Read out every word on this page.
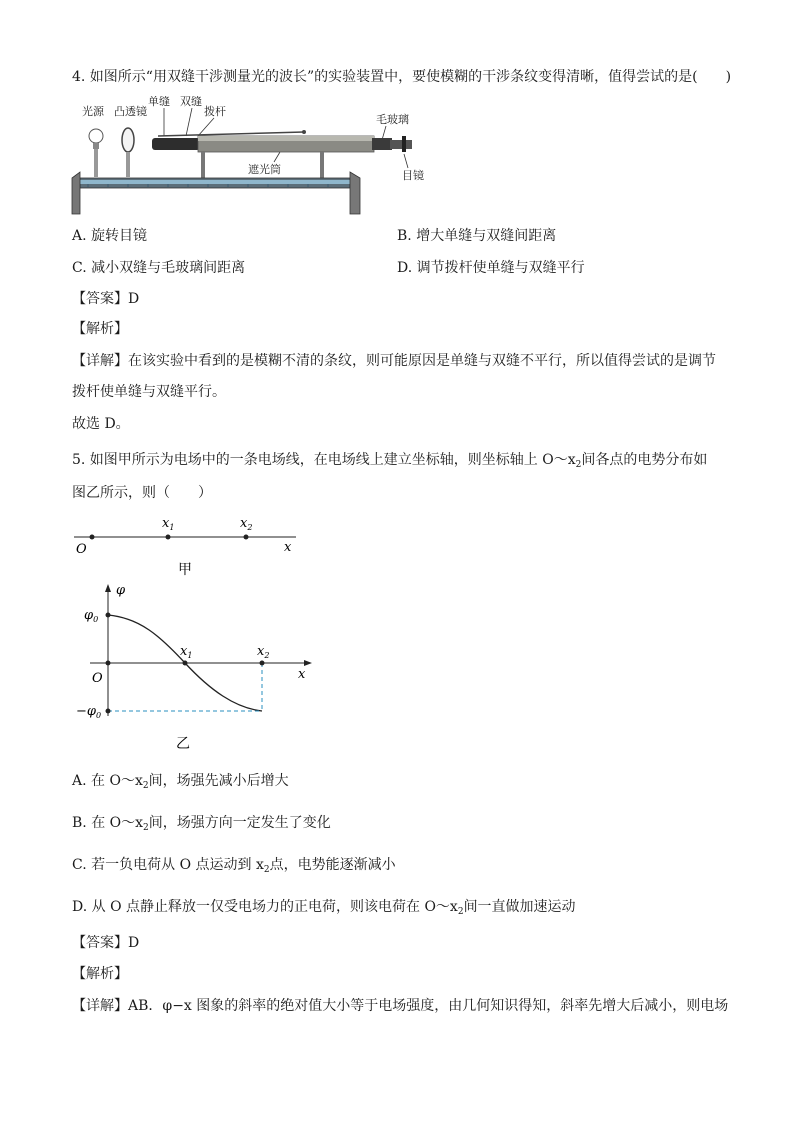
4. 如图所示“用双缝干涉测量光的波长”的实验装置中，要使模糊的干涉条纹变得清晰，值得尝试的是(　　)
光源 凸透镜
单缝 双缝
拨杆
毛玻璃
遮光筒	目镜
A. 旋转目镜	B. 增大单缝与双缝间距离
C. 减小双缝与毛玻璃间距离	D. 调节拨杆使单缝与双缝平行
【答案】D
【解析】
【详解】在该实验中看到的是模糊不清的条纹，则可能原因是单缝与双缝不平行，所以值得尝试的是调节
拨杆使单缝与双缝平行。
故选 D。
5. 如图甲所示为电场中的一条电场线，在电场线上建立坐标轴，则坐标轴上 $O\sim x_2$间各点的电势分布如
图乙所示，则（　　）
O
$x_1$	$x_2$
x
甲
φ
$\varphi_0$
$-\varphi_0$
O
$x_1$	$x_2$
x
乙
A. 在 $O\sim x_2$间，场强先减小后增大
B. 在 $O\sim x_2$间，场强方向一定发生了变化
C. 若一负电荷从 O 点运动到 $x_2$点，电势能逐渐减小
D. 从 O 点静止释放一仅受电场力的正电荷，则该电荷在 $O\sim x_2$间一直做加速运动
【答案】D
【解析】
【详解】AB．φ−x 图象的斜率的绝对值大小等于电场强度，由几何知识得知，斜率先增大后减小，则电场
